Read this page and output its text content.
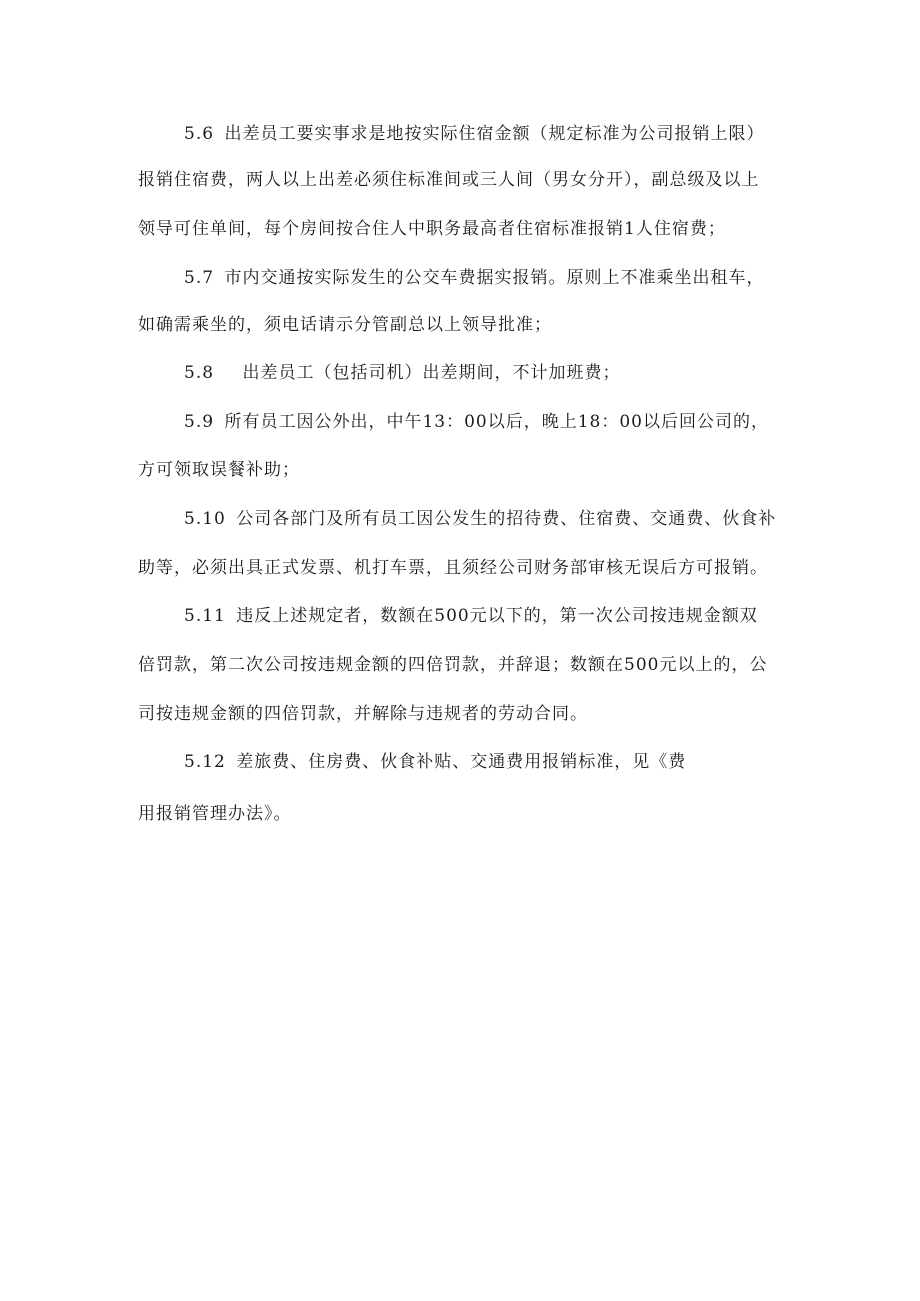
5.6 出差员工要实事求是地按实际住宿金额（规定标准为公司报销上限）
报销住宿费，两人以上出差必须住标准间或三人间（男女分开），副总级及以上
领导可住单间，每个房间按合住人中职务最高者住宿标准报销1人住宿费；
5.7 市内交通按实际发生的公交车费据实报销。原则上不准乘坐出租车，
如确需乘坐的，须电话请示分管副总以上领导批准；
5.8 出差员工（包括司机）出差期间，不计加班费；
5.9 所有员工因公外出，中午13：00以后，晚上18：00以后回公司的，
方可领取误餐补助；
5.10 公司各部门及所有员工因公发生的招待费、住宿费、交通费、伙食补
助等，必须出具正式发票、机打车票，且须经公司财务部审核无误后方可报销。
5.11 违反上述规定者，数额在500元以下的，第一次公司按违规金额双
倍罚款，第二次公司按违规金额的四倍罚款，并辞退；数额在500元以上的，公
司按违规金额的四倍罚款，并解除与违规者的劳动合同。
5.12 差旅费、住房费、伙食补贴、交通费用报销标准，见《费
用报销管理办法》。
